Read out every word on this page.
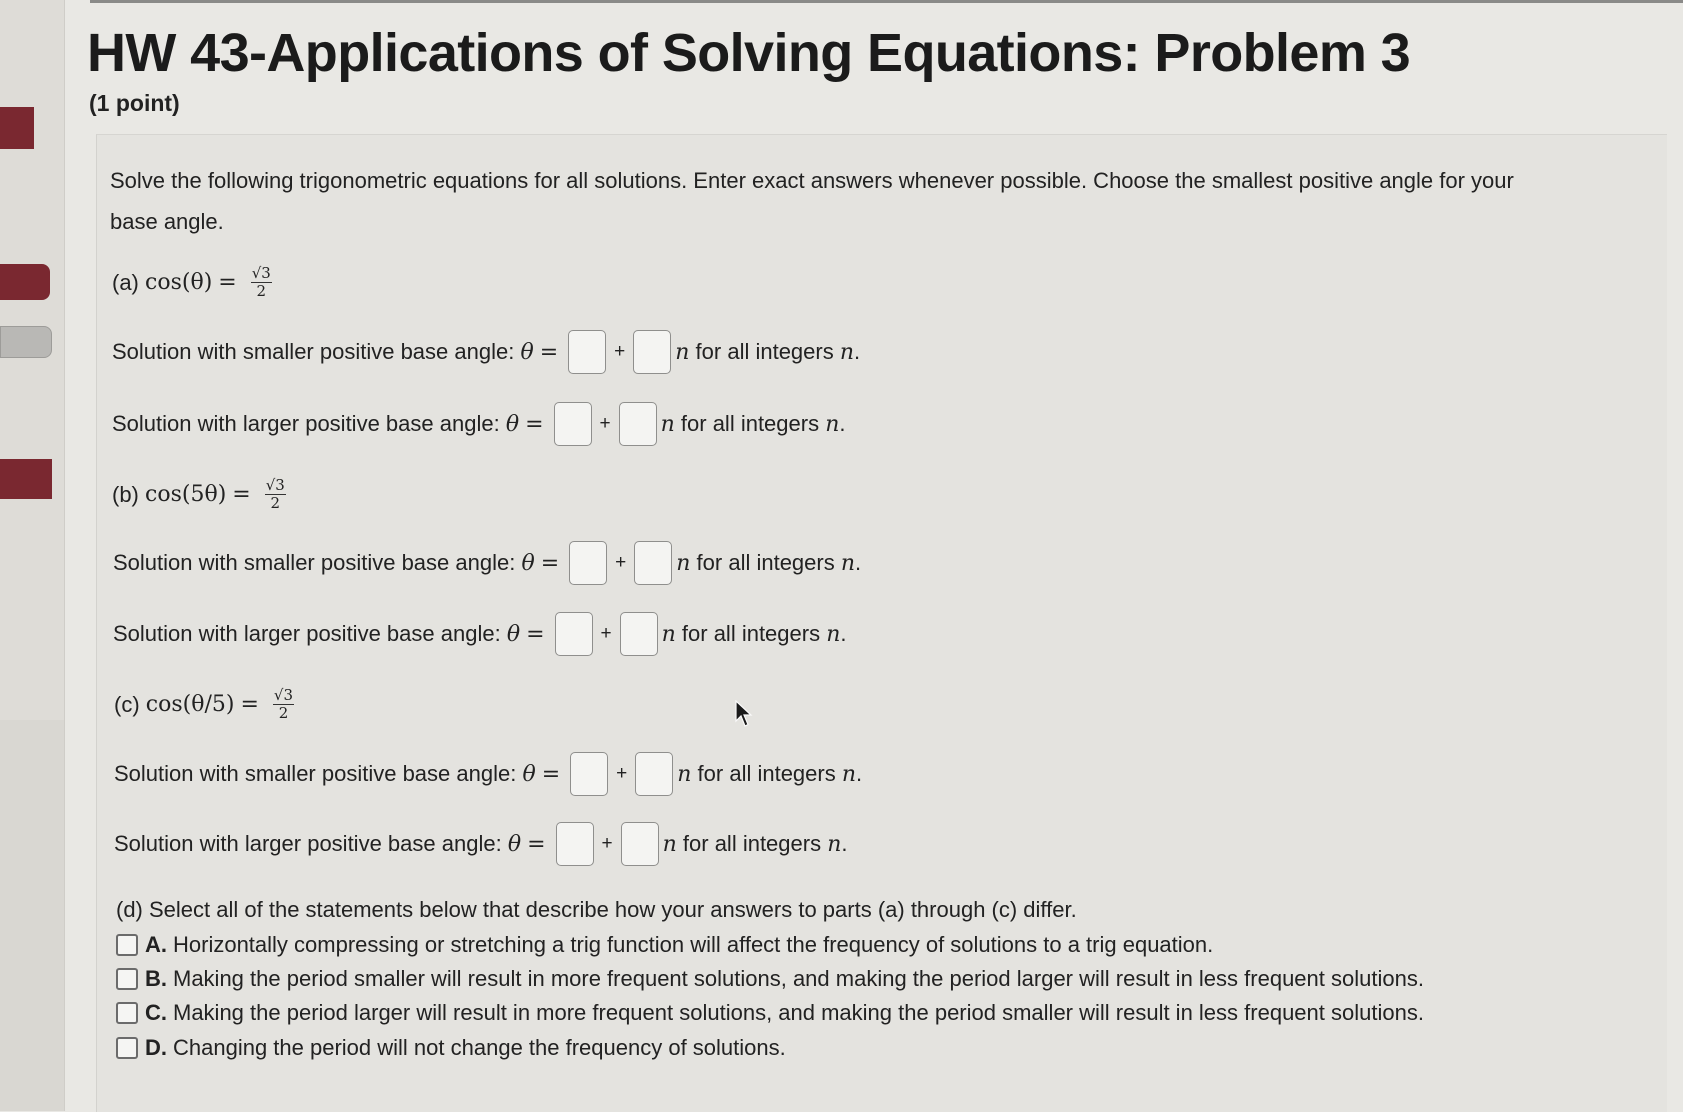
HW 43-Applications of Solving Equations: Problem 3
(1 point)

Solve the following trigonometric equations for all solutions. Enter exact answers whenever possible. Choose the smallest positive angle for your

base angle.

(a)
$\cos(\theta) = \frac{√3}{2}$
Solution with smaller positive base angle:
θ =	+ n
for all integers
n .
Solution with larger positive base angle:
θ =	+ n
for all integers
n .
(b)
$\cos(5\theta) = \frac{√3}{2}$
Solution with smaller positive base angle:
θ =	+ n
for all integers
n .
Solution with larger positive base angle:
θ =	+ n
for all integers
n .
(c)
$\cos(\theta/5) = \frac{√3}{2}$
Solution with smaller positive base angle:
θ =	+ n
for all integers
n .
Solution with larger positive base angle:
θ =	+ n
for all integers
n .
(d) Select all of the statements below that describe how your answers to parts (a) through (c) differ.
A. Horizontally compressing or stretching a trig function will affect the frequency of solutions to a trig equation.
B. Making the period smaller will result in more frequent solutions, and making the period larger will result in less frequent solutions.
C. Making the period larger will result in more frequent solutions, and making the period smaller will result in less frequent solutions.
D. Changing the period will not change the frequency of solutions.
